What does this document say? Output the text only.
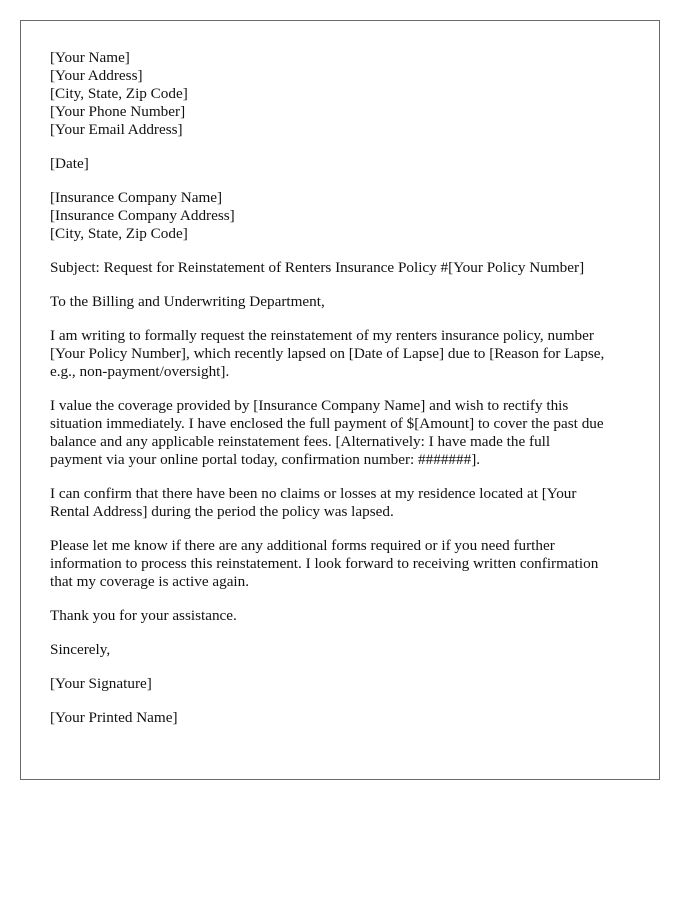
[Your Name]
[Your Address]
[City, State, Zip Code]
[Your Phone Number]
[Your Email Address]
[Date]
[Insurance Company Name]
[Insurance Company Address]
[City, State, Zip Code]
Subject: Request for Reinstatement of Renters Insurance Policy #[Your Policy Number]
To the Billing and Underwriting Department,
I am writing to formally request the reinstatement of my renters insurance policy, number
[Your Policy Number], which recently lapsed on [Date of Lapse] due to [Reason for Lapse,
e.g., non-payment/oversight].
I value the coverage provided by [Insurance Company Name] and wish to rectify this
situation immediately. I have enclosed the full payment of $[Amount] to cover the past due
balance and any applicable reinstatement fees. [Alternatively: I have made the full
payment via your online portal today, confirmation number: #######].
I can confirm that there have been no claims or losses at my residence located at [Your
Rental Address] during the period the policy was lapsed.
Please let me know if there are any additional forms required or if you need further
information to process this reinstatement. I look forward to receiving written confirmation
that my coverage is active again.
Thank you for your assistance.
Sincerely,
[Your Signature]
[Your Printed Name]
